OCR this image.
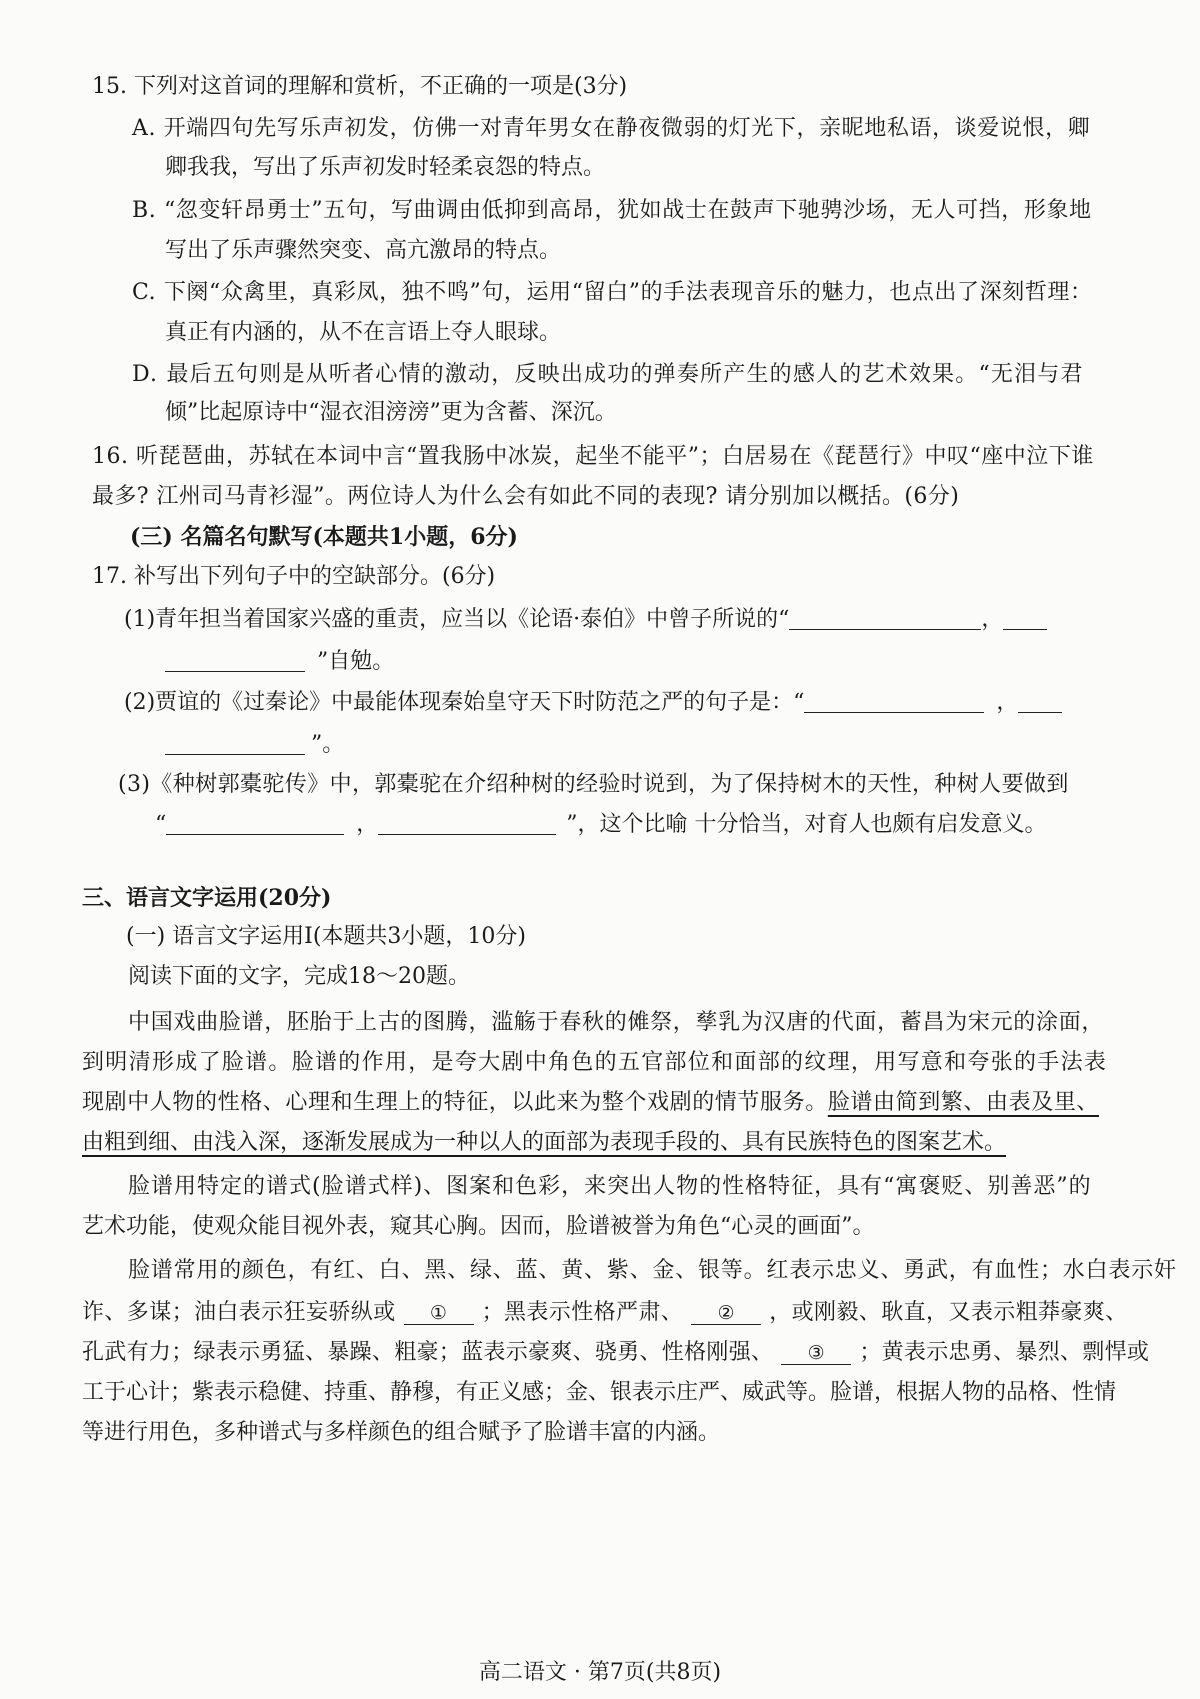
15. 下列对这首词的理解和赏析，不正确的一项是(3分)
A. 开端四句先写乐声初发，仿佛一对青年男女在静夜微弱的灯光下，亲昵地私语，谈爱说恨，卿
卿我我，写出了乐声初发时轻柔哀怨的特点。
B. “忽变轩昂勇士”五句，写曲调由低抑到高昂，犹如战士在鼓声下驰骋沙场，无人可挡，形象地
写出了乐声骤然突变、高亢激昂的特点。
C. 下阕“众禽里，真彩凤，独不鸣”句，运用“留白”的手法表现音乐的魅力，也点出了深刻哲理：
真正有内涵的，从不在言语上夺人眼球。
D. 最后五句则是从听者心情的激动，反映出成功的弹奏所产生的感人的艺术效果。“无泪与君
倾”比起原诗中“湿衣泪滂滂”更为含蓄、深沉。
16. 听琵琶曲，苏轼在本词中言“置我肠中冰炭，起坐不能平”；白居易在《琵琶行》中叹“座中泣下谁
最多? 江州司马青衫湿”。两位诗人为什么会有如此不同的表现? 请分别加以概括。(6分)
(三) 名篇名句默写(本题共1小题，6分)
17. 补写出下列句子中的空缺部分。(6分)
(1)青年担当着国家兴盛的重责，应当以《论语·泰伯》中曾子所说的“	，
”自勉。
(2)贾谊的《过秦论》中最能体现秦始皇守天下时防范之严的句子是：“	，
”。
(3)《种树郭橐驼传》中，郭橐驼在介绍种树的经验时说到，为了保持树木的天性，种树人要做到
“	，	”，这个比喻 十分恰当，对育人也颇有启发意义。
三、语言文字运用(20分)
(一) 语言文字运用Ⅰ(本题共3小题，10分)
阅读下面的文字，完成18～20题。
中国戏曲脸谱，胚胎于上古的图腾，滥觞于春秋的傩祭，孳乳为汉唐的代面，蓄昌为宋元的涂面，
到明清形成了脸谱。脸谱的作用，是夸大剧中角色的五官部位和面部的纹理，用写意和夸张的手法表
现剧中人物的性格、心理和生理上的特征，以此来为整个戏剧的情节服务。脸谱由简到繁、由表及里、
由粗到细、由浅入深，逐渐发展成为一种以人的面部为表现手段的、具有民族特色的图案艺术。
脸谱用特定的谱式(脸谱式样)、图案和色彩，来突出人物的性格特征，具有“寓褒贬、别善恶”的
艺术功能，使观众能目视外表，窥其心胸。因而，脸谱被誉为角色“心灵的画面”。
脸谱常用的颜色，有红、白、黑、绿、蓝、黄、紫、金、银等。红表示忠义、勇武，有血性；水白表示奸
诈、多谋；油白表示狂妄骄纵或 ① ；黑表示性格严肃、 ② ，或刚毅、耿直，又表示粗莽豪爽、
孔武有力；绿表示勇猛、暴躁、粗豪；蓝表示豪爽、骁勇、性格刚强、 ③ ；黄表示忠勇、暴烈、剽悍或
工于心计；紫表示稳健、持重、静穆，有正义感；金、银表示庄严、威武等。脸谱，根据人物的品格、性情
等进行用色，多种谱式与多样颜色的组合赋予了脸谱丰富的内涵。
高二语文 · 第7页(共8页)
